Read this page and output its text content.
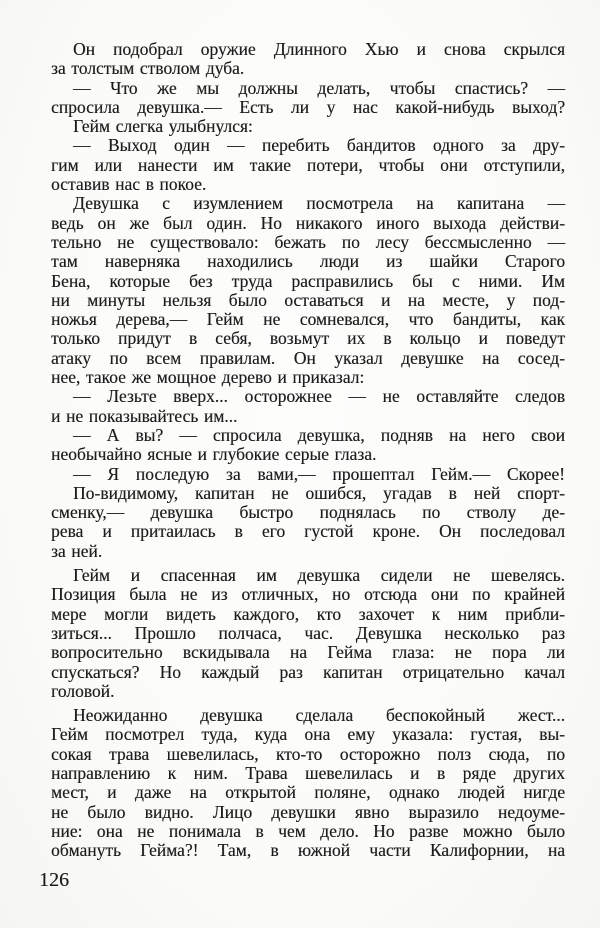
Он подобрал оружие Длинного Хью и снова скрылся
за толстым стволом дуба.
— Что же мы должны делать, чтобы спастись? —
спросила девушка.— Есть ли у нас какой-нибудь выход?
Гейм слегка улыбнулся:
— Выход один — перебить бандитов одного за дру-
гим или нанести им такие потери, чтобы они отступили,
оставив нас в покое.
Девушка с изумлением посмотрела на капитана —
ведь он же был один. Но никакого иного выхода действи-
тельно не существовало: бежать по лесу бессмысленно —
там наверняка находились люди из шайки Старого
Бена, которые без труда расправились бы с ними. Им
ни минуты нельзя было оставаться и на месте, у под-
ножья дерева,— Гейм не сомневался, что бандиты, как
только придут в себя, возьмут их в кольцо и поведут
атаку по всем правилам. Он указал девушке на сосед-
нее, такое же мощное дерево и приказал:
— Лезьте вверх... осторожнее — не оставляйте следов
и не показывайтесь им...
— А вы? — спросила девушка, подняв на него свои
необычайно ясные и глубокие серые глаза.
— Я последую за вами,— прошептал Гейм.— Скорее!
По-видимому, капитан не ошибся, угадав в ней спорт-
сменку,— девушка быстро поднялась по стволу де-
рева и притаилась в его густой кроне. Он последовал
за ней.
Гейм и спасенная им девушка сидели не шевелясь.
Позиция была не из отличных, но отсюда они по крайней
мере могли видеть каждого, кто захочет к ним прибли-
зиться... Прошло полчаса, час. Девушка несколько раз
вопросительно вскидывала на Гейма глаза: не пора ли
спускаться? Но каждый раз капитан отрицательно качал
головой.
Неожиданно девушка сделала беспокойный жест...
Гейм посмотрел туда, куда она ему указала: густая, вы-
сокая трава шевелилась, кто-то осторожно полз сюда, по
направлению к ним. Трава шевелилась и в ряде других
мест, и даже на открытой поляне, однако людей нигде
не было видно. Лицо девушки явно выразило недоуме-
ние: она не понимала в чем дело. Но разве можно было
обмануть Гейма?! Там, в южной части Калифорнии, на
126
